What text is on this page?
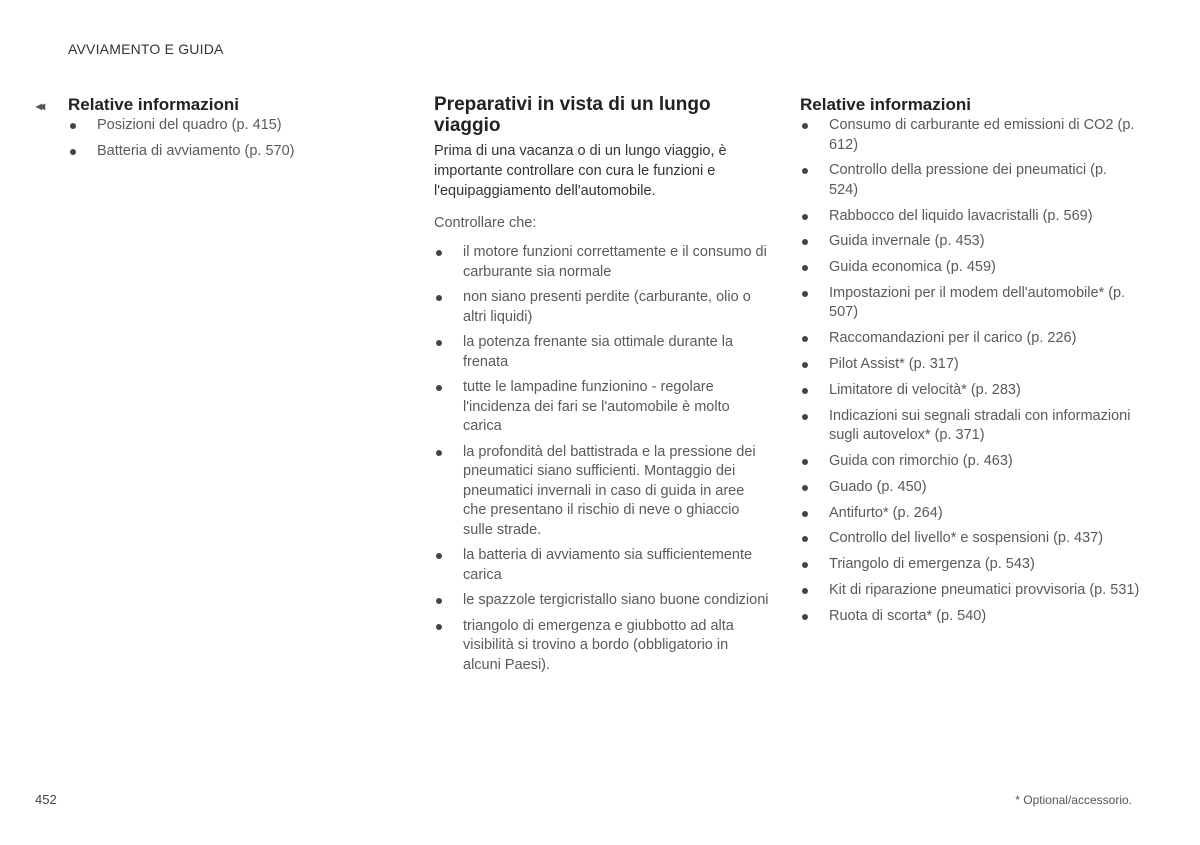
AVVIAMENTO E GUIDA
◂◂ Relative informazioni
Posizioni del quadro (p. 415)
Batteria di avviamento (p. 570)
Preparativi in vista di un lungo viaggio

Prima di una vacanza o di un lungo viaggio, è importante controllare con cura le funzioni e l'equipaggiamento dell'automobile.

Controllare che:

il motore funzioni correttamente e il consumo di carburante sia normale
non siano presenti perdite (carburante, olio o altri liquidi)
la potenza frenante sia ottimale durante la frenata
tutte le lampadine funzionino - regolare l'incidenza dei fari se l'automobile è molto carica
la profondità del battistrada e la pressione dei pneumatici siano sufficienti. Montaggio dei pneumatici invernali in caso di guida in aree che presentano il rischio di neve o ghiaccio sulle strade.
la batteria di avviamento sia sufficientemente carica
le spazzole tergicristallo siano buone condizioni
triangolo di emergenza e giubbotto ad alta visibilità si trovino a bordo (obbligatorio in alcuni Paesi).
Relative informazioni
Consumo di carburante ed emissioni di CO2 (p. 612)
Controllo della pressione dei pneumatici (p. 524)
Rabbocco del liquido lavacristalli (p. 569)
Guida invernale (p. 453)
Guida economica (p. 459)
Impostazioni per il modem dell'automobile* (p. 507)
Raccomandazioni per il carico (p. 226)
Pilot Assist* (p. 317)
Limitatore di velocità* (p. 283)
Indicazioni sui segnali stradali con informazioni sugli autovelox* (p. 371)
Guida con rimorchio (p. 463)
Guado (p. 450)
Antifurto* (p. 264)
Controllo del livello* e sospensioni (p. 437)
Triangolo di emergenza (p. 543)
Kit di riparazione pneumatici provvisoria (p. 531)
Ruota di scorta* (p. 540)
452	* Optional/accessorio.
